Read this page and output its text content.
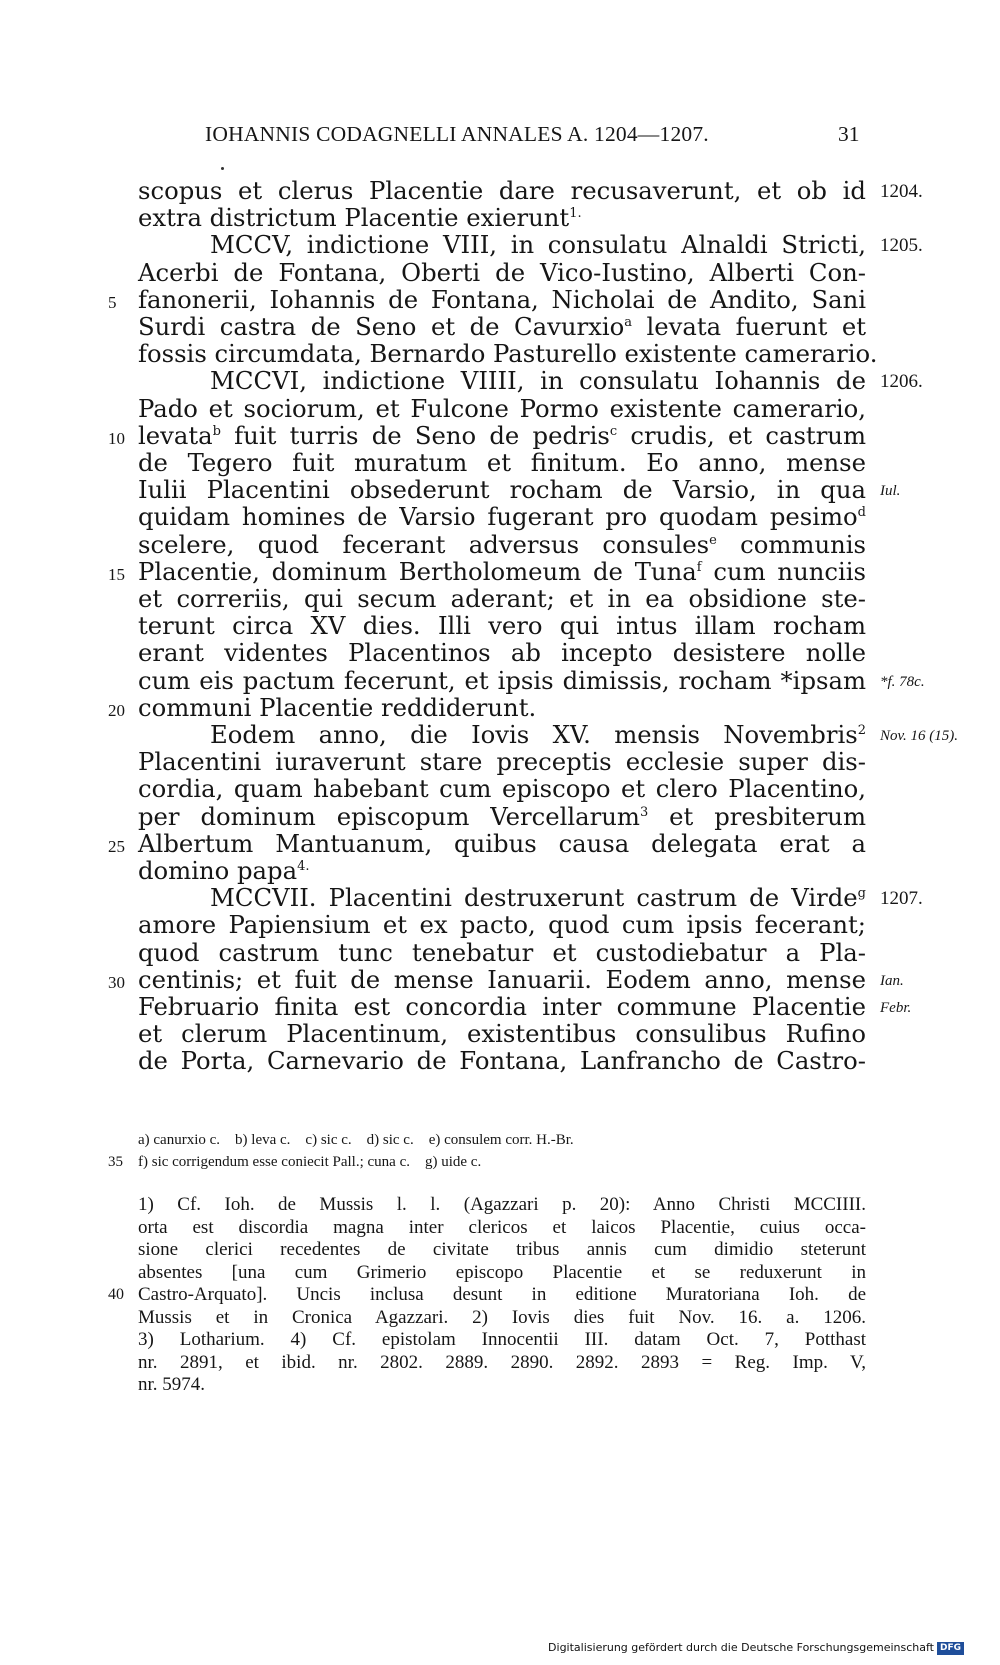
IOHANNIS CODAGNELLI ANNALES A. 1204—1207.	31
scopus et clerus Placentie dare recusaverunt, et ob id 1204.
extra districtum Placentie exierunt$^{1.}$
MCCV, indictione VIII, in consulatu Alnaldi Stricti, 1205.
Acerbi de Fontana, Oberti de Vico-Iustino, Alberti Con-
fanonerii, Iohannis de Fontana, Nicholai de Andito, Sani
5
Surdi castra de Seno et de Cavurxio$^a$ levata fuerunt et
fossis circumdata, Bernardo Pasturello existente camerario.
MCCVI, indictione VIIII, in consulatu Iohannis de 1206.
Pado et sociorum, et Fulcone Pormo existente camerario,
levata$^b$ fuit turris de Seno de pedris$^c$ crudis, et castrum
10
de Tegero fuit muratum et finitum. Eo anno, mense
Iulii Placentini obsederunt rocham de Varsio, in qua Iul.
quidam homines de Varsio fugerant pro quodam pesimo$^d$
scelere, quod fecerant adversus consules$^e$ communis
Placentie, dominum Bertholomeum de Tuna$^f$ cum nunciis
15
et correriis, qui secum aderant; et in ea obsidione ste-
terunt circa XV dies. Illi vero qui intus illam rocham
erant videntes Placentinos ab incepto desistere nolle
cum eis pactum fecerunt, et ipsis dimissis, rocham *ipsam *f. 78c.
communi Placentie reddiderunt.
20
Eodem anno, die Iovis XV. mensis Novembris$^2$ Nov. 16 (15).
Placentini iuraverunt stare preceptis ecclesie super dis-
cordia, quam habebant cum episcopo et clero Placentino,
per dominum episcopum Vercellarum$^3$ et presbiterum
Albertum Mantuanum, quibus causa delegata erat a
25
domino papa$^{4.}$
MCCVII. Placentini destruxerunt castrum de Virde$^g$ 1207.
amore Papiensium et ex pacto, quod cum ipsis fecerant;
quod castrum tunc tenebatur et custodiebatur a Pla-
centinis; et fuit de mense Ianuarii. Eodem anno, mense
30	Ian.
Februario finita est concordia inter commune Placentie Febr.
et clerum Placentinum, existentibus consulibus Rufino
de Porta, Carnevario de Fontana, Lanfrancho de Castro-
a) canurxio c.    b) leva c.    c) sic c.    d) sic c.    e) consulem corr. H.-Br.
f) sic corrigendum esse coniecit Pall.; cuna c.    g) uide c.
35
1) Cf. Ioh. de Mussis l. l. (Agazzari p. 20): Anno Christi MCCIIII.
orta est discordia magna inter clericos et laicos Placentie, cuius occa-
sione clerici recedentes de civitate tribus annis cum dimidio steterunt
absentes [una cum Grimerio episcopo Placentie et se reduxerunt in
Castro-Arquato]. Uncis inclusa desunt in editione Muratoriana Ioh. de
40
Mussis et in Cronica Agazzari. 2) Iovis dies fuit Nov. 16. a. 1206.
3) Lotharium. 4) Cf. epistolam Innocentii III. datam Oct. 7, Potthast
nr. 2891, et ibid. nr. 2802. 2889. 2890. 2892. 2893 = Reg. Imp. V,
nr. 5974.
Digitalisierung gefördert durch die Deutsche Forschungsgemeinschaft DFG
